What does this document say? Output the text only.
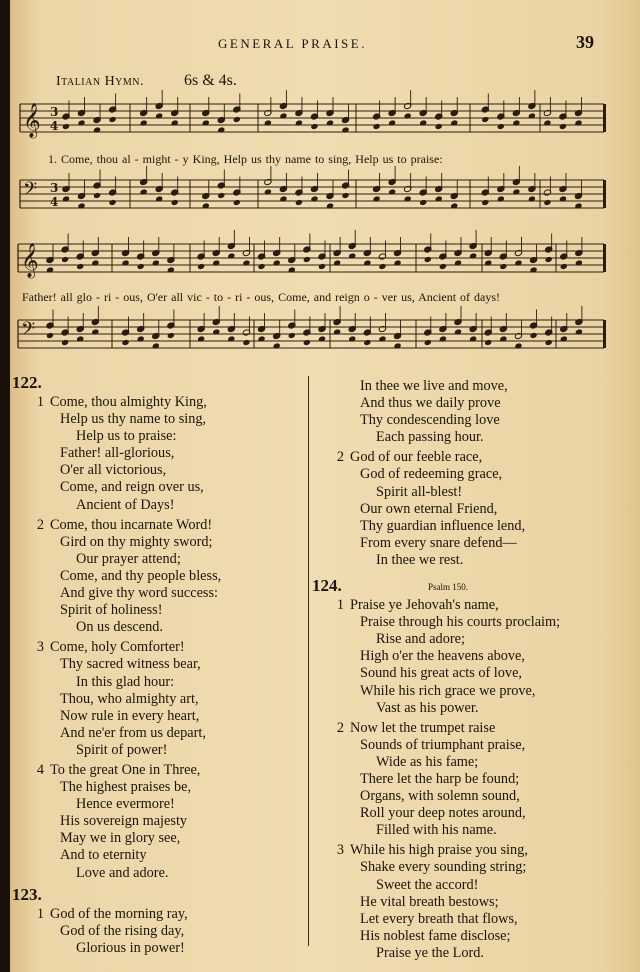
GENERAL PRAISE.	39
Italian Hymn. 6s & 4s.
𝄞 3
4
𝄢 3
4
𝄞
𝄢
1. Come, thou al - might - y King, Help us thy name to sing, Help us to praise:
Father! all glo - ri - ous, O'er all vic - to - ri - ous, Come, and reign o - ver us, Ancient of days!
122.
1 Come, thou almighty King,
Help us thy name to sing,
Help us to praise:
Father! all-glorious,
O'er all victorious,
Come, and reign over us,
Ancient of Days!
2 Come, thou incarnate Word!
Gird on thy mighty sword;
Our prayer attend;
Come, and thy people bless,
And give thy word success:
Spirit of holiness!
On us descend.
3 Come, holy Comforter!
Thy sacred witness bear,
In this glad hour:
Thou, who almighty art,
Now rule in every heart,
And ne'er from us depart,
Spirit of power!
4 To the great One in Three,
The highest praises be,
Hence evermore!
His sovereign majesty
May we in glory see,
And to eternity
Love and adore.
123.
1 God of the morning ray,
God of the rising day,
Glorious in power!
In thee we live and move,
And thus we daily prove
Thy condescending love
Each passing hour.
2 God of our feeble race,
God of redeeming grace,
Spirit all-blest!
Our own eternal Friend,
Thy guardian influence lend,
From every snare defend—
In thee we rest.
124.	Psalm 150.
1 Praise ye Jehovah's name,
Praise through his courts proclaim;
Rise and adore;
High o'er the heavens above,
Sound his great acts of love,
While his rich grace we prove,
Vast as his power.
2 Now let the trumpet raise
Sounds of triumphant praise,
Wide as his fame;
There let the harp be found;
Organs, with solemn sound,
Roll your deep notes around,
Filled with his name.
3 While his high praise you sing,
Shake every sounding string;
Sweet the accord!
He vital breath bestows;
Let every breath that flows,
His noblest fame disclose;
Praise ye the Lord.
